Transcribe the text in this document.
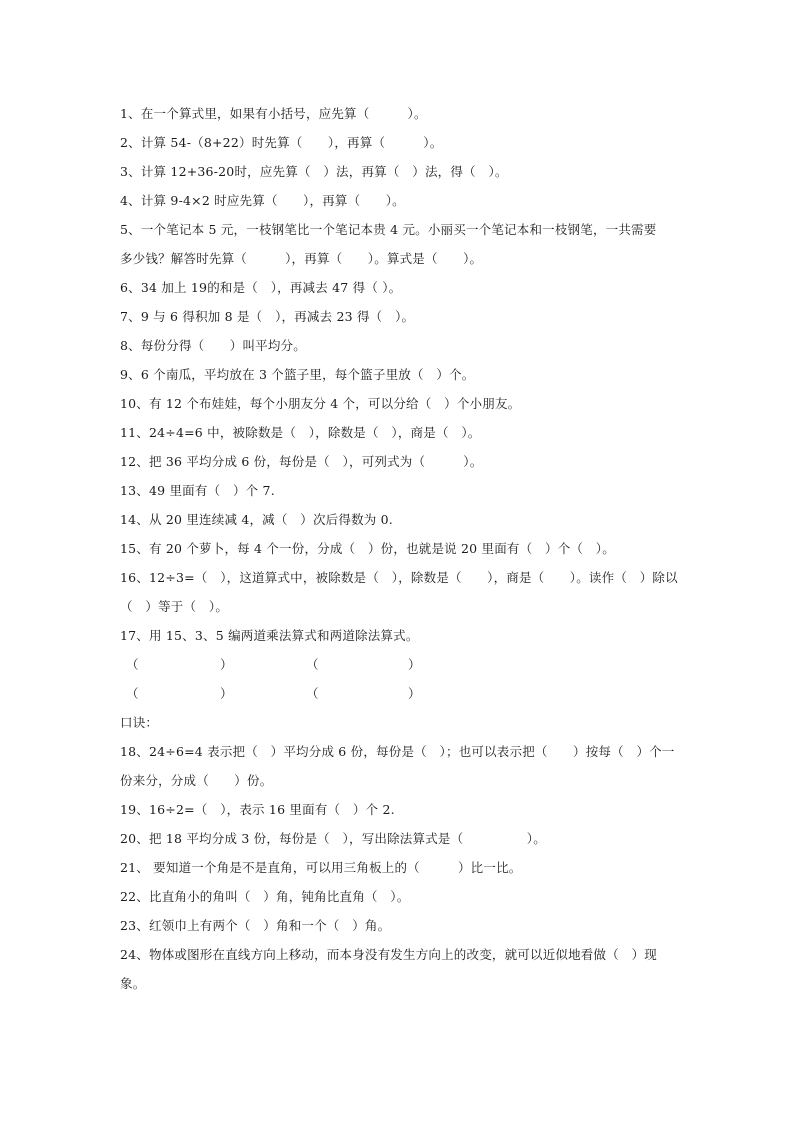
1、在一个算式里，如果有小括号，应先算（　　　）。
2、计算 54-（8+22）时先算（　　），再算（　　　）。
3、计算 12+36-20时，应先算（　）法，再算（　）法，得（　）。
4、计算 9-4×2 时应先算（　　），再算（　　）。
5、一个笔记本 5 元，一枝钢笔比一个笔记本贵 4 元。小丽买一个笔记本和一枝钢笔，一共需要
多少钱？解答时先算（　　　），再算（　　）。算式是（　　）。
6、34 加上 19的和是（　），再减去 47 得（ ）。
7、9 与 6 得积加 8 是（　），再减去 23 得（　）。
8、每份分得（　　）叫平均分。
9、6 个南瓜，平均放在 3 个篮子里，每个篮子里放（　）个。
10、有 12 个布娃娃，每个小朋友分 4 个，可以分给（　）个小朋友。
11、24÷4=6 中，被除数是（　），除数是（　），商是（　）。
12、把 36 平均分成 6 份，每份是（　），可列式为（　　　）。
13、49 里面有（　）个 7.
14、从 20 里连续减 4，减（　）次后得数为 0.
15、有 20 个萝卜，每 4 个一份，分成（　）份，也就是说 20 里面有（　）个（　）。
16、12÷3=（　），这道算式中，被除数是（　），除数是（　　），商是（　　）。读作（　）除以
（　）等于（　）。
17、用 15、3、5 编两道乘法算式和两道除法算式。
（	）	（	）
（	）	（	）
口诀：
18、24÷6=4 表示把（　）平均分成 6 份，每份是（　）；也可以表示把（　　）按每（　）个一
份来分，分成（　　）份。
19、16÷2=（　），表示 16 里面有（　）个 2.
20、把 18 平均分成 3 份，每份是（　），写出除法算式是（　　　　　）。
21、 要知道一个角是不是直角，可以用三角板上的（　　　）比一比。
22、比直角小的角叫（　）角，钝角比直角（　）。
23、红领巾上有两个（　）角和一个（　）角。
24、物体或图形在直线方向上移动，而本身没有发生方向上的改变，就可以近似地看做（　）现
象。
